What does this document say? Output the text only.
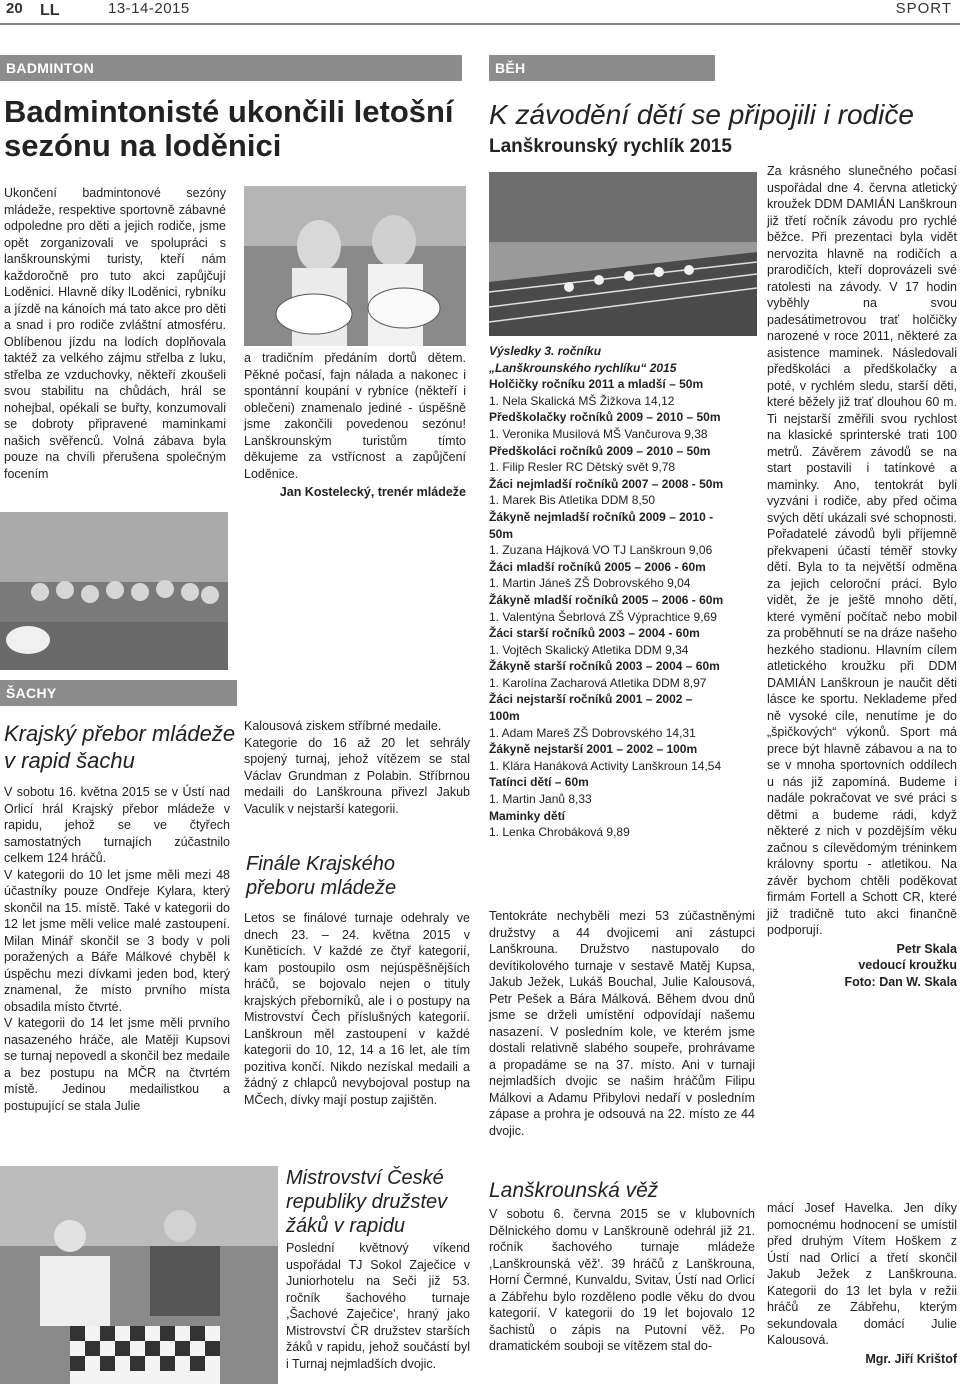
20 LL	13-14-2015	SPORT
BADMINTON
Badmintonisté ukončili letošní
sezónu na loděnici

Ukončení badmintonové sezóny mládeže, respektive sportovně zábavné odpoledne pro děti a jejich rodiče, jsme opět zorganizovali ve spolupráci s lanškrounskými turisty, kteří nám každoročně pro tuto akci zapůjčují Loděnici. Hlavně díky lLoděnici, rybníku a jízdě na kánoích má tato akce pro děti a snad i pro rodiče zvláštní atmosféru. Oblíbenou jízdu na lodích doplňovala taktéž za velkého zájmu střelba z luku, střelba ze vzduchovky, někteří zkoušeli svou stabilitu na chůdách, hrál se nohejbal, opékali se buřty, konzumovali se dobroty připravené maminkami našich svěřenců. Volná zábava byla pouze na chvíli přerušena společným focením

a tradičním předáním dortů dětem. Pěkné počasí, fajn nálada a nakonec i spontánní koupání v rybníce (někteří i oblečeni) znamenalo jediné - úspěšně jsme zakončili povedenou sezónu! Lanškrounským turistům tímto děkujeme za vstřícnost a zapůjčení Loděnice.

Jan Kostelecký, trenér mládeže

ŠACHY
Krajský přebor mládeže
v rapid šachu

V sobotu 16. května 2015 se v Ústí nad Orlicí hrál Krajský přebor mládeže v rapidu, jehož se ve čtyřech samostatných turnajích zúčastnilo celkem 124 hráčů.

V kategorii do 10 let jsme měli mezi 48 účastníky pouze Ondřeje Kylara, který skončil na 15. místě. Také v kategorii do 12 let jsme měli velice malé zastoupení. Milan Minář skončil se 3 body v poli poražených a Báře Málkové chyběl k úspěchu mezi dívkami jeden bod, který znamenal, že místo prvního místa obsadila místo čtvrté.

V kategorii do 14 let jsme měli prvního nasazeného hráče, ale Matěji Kupsovi se turnaj nepovedl a skončil bez medaile a bez postupu na MČR na čtvrtém místě. Jedinou medailistkou a postupující se stala Julie

Kalousová ziskem stříbrné medaile.

Kategorie do 16 až 20 let sehrály spojený turnaj, jehož vítězem se stal Václav Grundman z Polabin. Stříbrnou medaili do Lanškrouna přivezl Jakub Vaculík v nejstarší kategorii.

Finále Krajského
přeboru mládeže

Letos se finálové turnaje odehraly ve dnech 23. – 24. května 2015 v Kuněticích. V každé ze čtyř kategorií, kam postoupilo osm nejúspěšnějších hráčů, se bojovalo nejen o tituly krajských přeborníků, ale i o postupy na Mistrovství Čech příslušných kategorií. Lanškroun měl zastoupení v každé kategorii do 10, 12, 14 a 16 let, ale tím pozitiva končí. Nikdo nezískal medaili a žádný z chlapců nevybojoval postup na MČech, dívky mají postup zajištěn.

Mistrovství České
republiky družstev
žáků v rapidu

Poslední květnový víkend uspořádal TJ Sokol Zaječice v Juniorhotelu na Seči již 53. ročník šachového turnaje ,Šachové Zaječice', hraný jako Mistrovství ČR družstev starších žáků v rapidu, jehož součástí byl i Turnaj nejmladších dvojic.

BĚH
K závodění dětí se připojili i rodiče
Lanškrounský rychlík 2015
Výsledky 3. ročníku
„Lanškrounského rychlíku“ 2015
Holčičky ročníku 2011 a mladší – 50m
1. Nela Skalická MŠ Žižkova 14,12
Předškolačky ročníků 2009 – 2010 – 50m
1. Veronika Musilová MŠ Vančurova 9,38
Předškoláci ročníků 2009 – 2010 – 50m
1. Filip Resler RC Dětský svět 9,78
Žáci nejmladší ročníků 2007 – 2008 - 50m
1. Marek Bis Atletika DDM 8,50
Žákyně nejmladší ročníků 2009 – 2010 -
50m
1. Zuzana Hájková VO TJ Lanškroun 9,06
Žáci mladší ročníků 2005 – 2006 - 60m
1. Martin Jáneš ZŠ Dobrovského 9,04
Žákyně mladší ročníků 2005 – 2006 - 60m
1. Valentýna Šebrlová ZŠ Výprachtice 9,69
Žáci starší ročníků 2003 – 2004 - 60m
1. Vojtěch Skalický Atletika DDM 9,34
Žákyně starší ročníků 2003 – 2004 – 60m
1. Karolína Zacharová Atletika DDM 8,97
Žáci nejstarší ročníků 2001 – 2002 –
100m
1. Adam Mareš ZŠ Dobrovského 14,31
Žákyně nejstarší 2001 – 2002 – 100m
1. Klára Hanáková Activity Lanškroun 14,54
Tatínci dětí – 60m
1. Martin Janů 8,33
Maminky dětí
1. Lenka Chrobáková 9,89

Za krásného slunečného počasí uspořádal dne 4. června atletický kroužek DDM DAMIÁN Lanškroun již třetí ročník závodu pro rychlé běžce. Při prezentaci byla vidět nervozita hlavně na rodičích a prarodičích, kteří doprovázeli své ratolesti na závody. V 17 hodin vyběhly na svou padesátimetrovou trať holčičky narozené v roce 2011, některé za asistence maminek. Následovali předškoláci a předškolačky a poté, v rychlém sledu, starší děti, které běžely již trať dlouhou 60 m. Ti nejstarší změřili svou rychlost na klasické sprinterské trati 100 metrů. Závěrem závodů se na start postavili i tatínkové a maminky. Ano, tentokrát byli vyzváni i rodiče, aby před očima svých dětí ukázali své schopnosti. Pořadatelé závodů byli příjemně překvapeni účastí téměř stovky dětí. Byla to ta největší odměna za jejich celoroční práci. Bylo vidět, že je ještě mnoho dětí, které vymění počítač nebo mobil za proběhnutí se na dráze našeho hezkého stadionu. Hlavním cílem atletického kroužku při DDM DAMIÁN Lanškroun je naučit děti lásce ke sportu. Neklademe před ně vysoké cíle, nenutíme je do „špičkových“ výkonů. Sport má prece být hlavně zábavou a na to se v mnoha sportovních oddílech u nás již zapomíná. Budeme i nadále pokračovat ve své práci s dětmi a budeme rádi, když některé z nich v pozdějším věku začnou s cílevědomým tréninkem královny sportu - atletikou. Na závěr bychom chtěli poděkovat firmám Fortell a Schott CR, které již tradičně tuto akci finančně podporují.

Petr Skala

vedoucí kroužku

Foto: Dan W. Skala

Tentokráte nechyběli mezi 53 zúčastněnými družstvy a 44 dvojicemi ani zástupci Lanškrouna. Družstvo nastupovalo do devítikolového turnaje v sestavě Matěj Kupsa, Jakub Ježek, Lukáš Bouchal, Julie Kalousová, Petr Pešek a Bára Málková. Během dvou dnů jsme se drželi umístění odpovídají našemu nasazení. V posledním kole, ve kterém jsme dostali relativně slabého soupeře, prohrávame a propadáme se na 37. místo. Ani v turnaji nejmladších dvojic se našim hráčům Filipu Málkovi a Adamu Přibylovi nedaří v posledním zápase a prohra je odsouvá na 22. místo ze 44 dvojic.

Lanškrounská věž

V sobotu 6. června 2015 se v klubovních Dělnického domu v Lanškrouně odehrál již 21. ročník šachového turnaje mládeže ,Lanškrounská věž'. 39 hráčů z Lanškrouna, Horní Čermné, Kunvaldu, Svitav, Ústí nad Orlicí a Zábřehu bylo rozděleno podle věku do dvou kategorií. V kategorii do 19 let bojovalo 12 šachistů o zápis na Putovní věž. Po dramatickém souboji se vítězem stal do-

mácí Josef Havelka. Jen díky pomocnému hodnocení se umístil před druhým Vítem Hoškem z Ústí nad Orlicí a třetí skončil Jakub Ježek z Lanškrouna. Kategorii do 13 let byla v režii hráčů ze Zábřehu, kterým sekundovala domácí Julie Kalousová.

Mgr. Jiří Krištof
